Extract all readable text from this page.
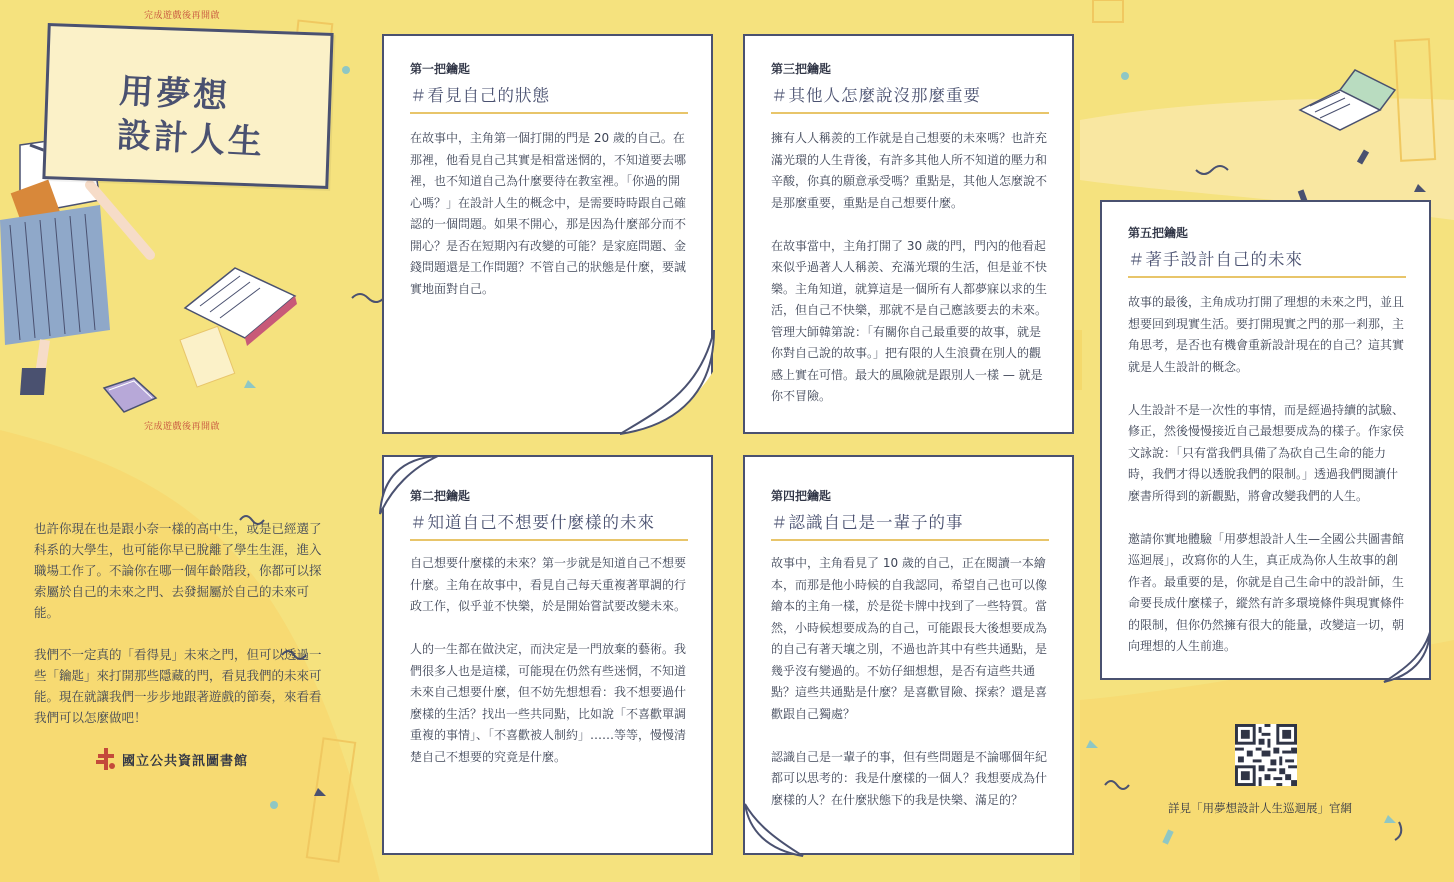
完成遊戲後再開啟
完成遊戲後再開啟
用夢想
設計人生

也許你現在也是跟小奈一樣的高中生，或是已經選了科系的大學生，也可能你早已脫離了學生生涯，進入職場工作了。不論你在哪一個年齡階段，你都可以探索屬於自己的未來之門、去發掘屬於自己的未來可能。

我們不一定真的「看得見」未來之門，但可以透過一些「鑰匙」來打開那些隱藏的門，看見我們的未來可能。現在就讓我們一步步地跟著遊戲的節奏，來看看我們可以怎麼做吧！

國立公共資訊圖書館
第一把鑰匙
＃看見自己的狀態

在故事中，主角第一個打開的門是 20 歲的自己。在那裡，他看見自己其實是相當迷惘的，不知道要去哪裡，也不知道自己為什麼要待在教室裡。「你過的開心嗎？」在設計人生的概念中，是需要時時跟自己確認的一個問題。如果不開心，那是因為什麼部分而不開心？是否在短期內有改變的可能？是家庭問題、金錢問題還是工作問題？不管自己的狀態是什麼，要誠實地面對自己。

第三把鑰匙
＃其他人怎麼說沒那麼重要

擁有人人稱羨的工作就是自己想要的未來嗎？也許充滿光環的人生背後，有許多其他人所不知道的壓力和辛酸，你真的願意承受嗎？重點是，其他人怎麼說不是那麼重要，重點是自己想要什麼。

在故事當中，主角打開了 30 歲的門，門內的他看起來似乎過著人人稱羨、充滿光環的生活，但是並不快樂。主角知道，就算這是一個所有人都夢寐以求的生活，但自己不快樂，那就不是自己應該要去的未來。管理大師韓第說：「有關你自己最重要的故事，就是你對自己說的故事。」把有限的人生浪費在別人的觀感上實在可惜。最大的風險就是跟別人一樣 — 就是你不冒險。

第二把鑰匙
＃知道自己不想要什麼樣的未來

自己想要什麼樣的未來？第一步就是知道自己不想要什麼。主角在故事中，看見自己每天重複著單調的行政工作，似乎並不快樂，於是開始嘗試要改變未來。

人的一生都在做決定，而決定是一門放棄的藝術。我們很多人也是這樣，可能現在仍然有些迷惘，不知道未來自己想要什麼，但不妨先想想看：我不想要過什麼樣的生活？找出一些共同點，比如說「不喜歡單調重複的事情」、「不喜歡被人制約」……等等，慢慢清楚自己不想要的究竟是什麼。

第四把鑰匙
＃認識自己是一輩子的事

故事中，主角看見了 10 歲的自己，正在閱讀一本繪本，而那是他小時候的自我認同，希望自己也可以像繪本的主角一樣，於是從卡牌中找到了一些特質。當然，小時候想要成為的自己，可能跟長大後想要成為的自己有著天壤之別，不過也許其中有些共通點，是幾乎沒有變過的。不妨仔細想想，是否有這些共通點？這些共通點是什麼？是喜歡冒險、探索？還是喜歡跟自己獨處？

認識自己是一輩子的事，但有些問題是不論哪個年紀都可以思考的：我是什麼樣的一個人？我想要成為什麼樣的人？在什麼狀態下的我是快樂、滿足的？

第五把鑰匙
＃著手設計自己的未來

故事的最後，主角成功打開了理想的未來之門，並且想要回到現實生活。要打開現實之門的那一剎那，主角思考，是否也有機會重新設計現在的自己？這其實就是人生設計的概念。

人生設計不是一次性的事情，而是經過持續的試驗、修正，然後慢慢接近自己最想要成為的樣子。作家侯文詠說：「只有當我們具備了為砍自己生命的能力時，我們才得以透脫我們的限制。」透過我們閱讀什麼書所得到的新觀點，將會改變我們的人生。

邀請你實地體驗「用夢想設計人生—全國公共圖書館巡迴展」，改寫你的人生，真正成為你人生故事的創作者。最重要的是，你就是自己生命中的設計師，生命要長成什麼樣子，縱然有許多環境條件與現實條件的限制，但你仍然擁有很大的能量，改變這一切，朝向理想的人生前進。

詳見「用夢想設計人生巡迴展」官網
